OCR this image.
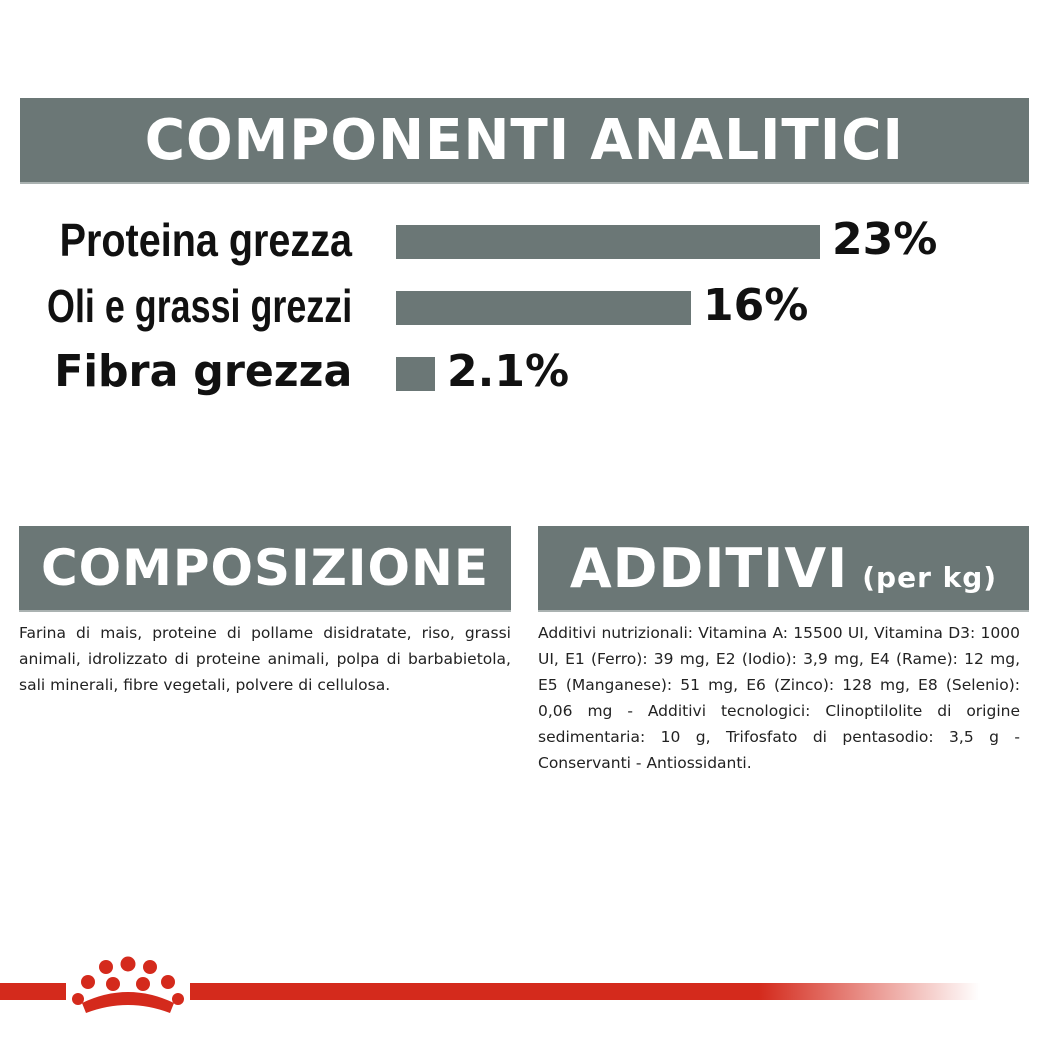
COMPONENTI ANALITICI
Proteina grezza	23%
Oli e grassi grezzi	16%
Fibra grezza 2.1%
COMPOSIZIONE
Farina di mais, proteine di pollame disidratate, riso, grassi animali, idrolizzato di proteine animali, polpa di barbabietola, sali minerali, fibre vegetali, polvere di cellulosa.
ADDITIVI (per kg)
Additivi nutrizionali: Vitamina A: 15500 UI, Vitamina D3: 1000 UI, E1 (Ferro): 39 mg, E2 (Iodio): 3,9 mg, E4 (Rame): 12 mg, E5 (Manganese): 51 mg, E6 (Zinco): 128 mg, E8 (Selenio): 0,06 mg - Additivi tecnologici: Clinoptilolite di origine sedimentaria: 10 g, Trifosfato di pentasodio: 3,5 g - Conservanti - Antiossidanti.
